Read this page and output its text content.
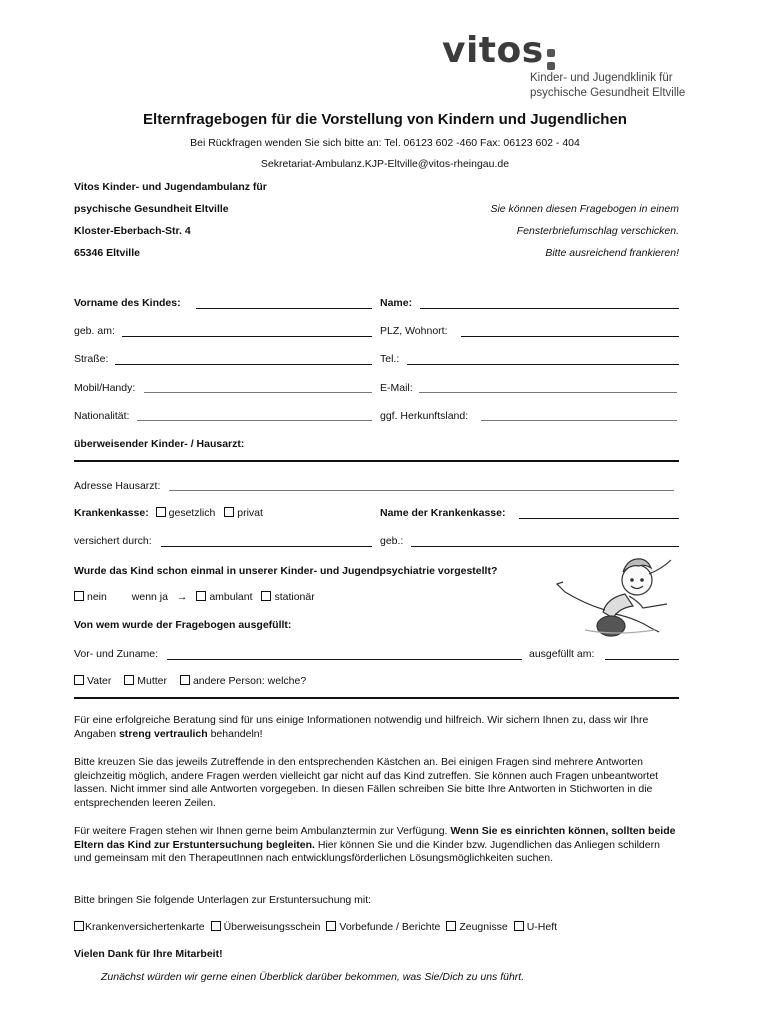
vitos
Kinder- und Jugendklinik für
psychische Gesundheit Eltville
Elternfragebogen für die Vorstellung von Kindern und Jugendlichen
Bei Rückfragen wenden Sie sich bitte an: Tel. 06123 602 -460 Fax: 06123 602 - 404
Sekretariat-Ambulanz.KJP-Eltville@vitos-rheingau.de
Vitos Kinder- und Jugendambulanz für
psychische Gesundheit Eltville
Kloster-Eberbach-Str. 4
65346 Eltville
Sie können diesen Fragebogen in einem
Fensterbriefumschlag verschicken.
Bitte ausreichend frankieren!
Vorname des Kindes:	Name:
geb. am:	PLZ, Wohnort:
Straße:	Tel.:
Mobil/Handy:	E-Mail:
Nationalität:	ggf. Herkunftsland:
überweisender Kinder- / Hausarzt:
Adresse Hausarzt:
Krankenkasse: gesetzlich privat	Name der Krankenkasse:
versichert durch:	geb.:
Wurde das Kind schon einmal in unserer Kinder- und Jugendpsychiatrie vorgestellt?
nein wenn ja → ambulant stationär
Von wem wurde der Fragebogen ausgefüllt:
Vor- und Zuname:	ausgefüllt am:
Vater Mutter andere Person: welche?

Für eine erfolgreiche Beratung sind für uns einige Informationen notwendig und hilfreich. Wir sichern Ihnen zu, dass wir Ihre Angaben streng vertraulich behandeln!

Bitte kreuzen Sie das jeweils Zutreffende in den entsprechenden Kästchen an. Bei einigen Fragen sind mehrere Antworten gleichzeitig möglich, andere Fragen werden vielleicht gar nicht auf das Kind zutreffen. Sie können auch Fragen unbeantwortet lassen. Nicht immer sind alle Antworten vorgegeben. In diesen Fällen schreiben Sie bitte Ihre Antworten in Stichworten in die entsprechenden leeren Zeilen.

Für weitere Fragen stehen wir Ihnen gerne beim Ambulanztermin zur Verfügung. Wenn Sie es einrichten können, sollten beide Eltern das Kind zur Erstuntersuchung begleiten. Hier können Sie und die Kinder bzw. Jugendlichen das Anliegen schildern und gemeinsam mit den TherapeutInnen nach entwicklungsförderlichen Lösungsmöglichkeiten suchen.

Bitte bringen Sie folgende Unterlagen zur Erstuntersuchung mit:
Krankenversichertenkarte Überweisungsschein Vorbefunde / Berichte Zeugnisse U-Heft
Vielen Dank für Ihre Mitarbeit!
Zunächst würden wir gerne einen Überblick darüber bekommen, was Sie/Dich zu uns führt.
